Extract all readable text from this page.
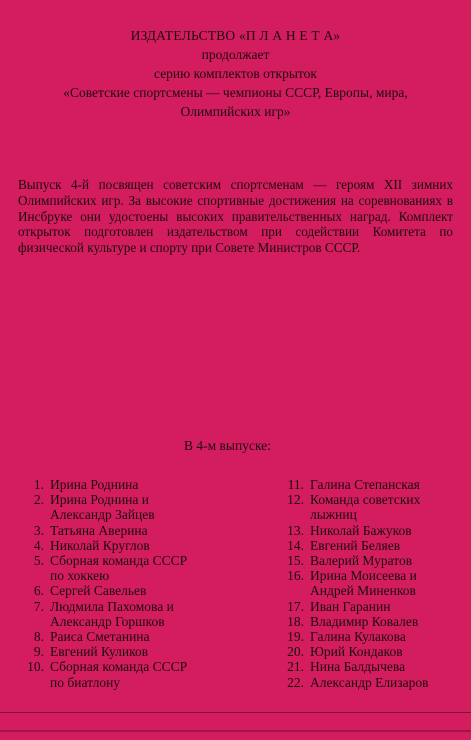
ИЗДАТЕЛЬСТВО «П Л А Н Е Т А»
продолжает
серию комплектов открыток
«Советские спортсмены — чемпионы СССР, Европы, мира,
Олимпийских игр»
Выпуск 4-й посвящен советским спортсменам — героям XII зимних Олимпийских игр. За высокие спортивные достижения на соревнованиях в Инсбруке они удостоены высоких правительственных наград. Комплект открыток подготовлен издательством при содействии Комитета по физической культуре и спорту при Совете Министров СССР.
В 4-м выпуске:
1. Ирина Роднина
2. Ирина Роднина и
Александр Зайцев
3. Татьяна Аверина
4. Николай Круглов
5. Сборная команда СССР
по хоккею
6. Сергей Савельев
7. Людмила Пахомова и
Александр Горшков
8. Раиса Сметанина
9. Евгений Куликов
10. Сборная команда СССР
по биатлону
11. Галина Степанская
12. Команда советских
лыжниц
13. Николай Бажуков
14. Евгений Беляев
15. Валерий Муратов
16. Ирина Моисеева и
Андрей Миненков
17. Иван Гаранин
18. Владимир Ковалев
19. Галина Кулакова
20. Юрий Кондаков
21. Нина Балдычева
22. Александр Елизаров
